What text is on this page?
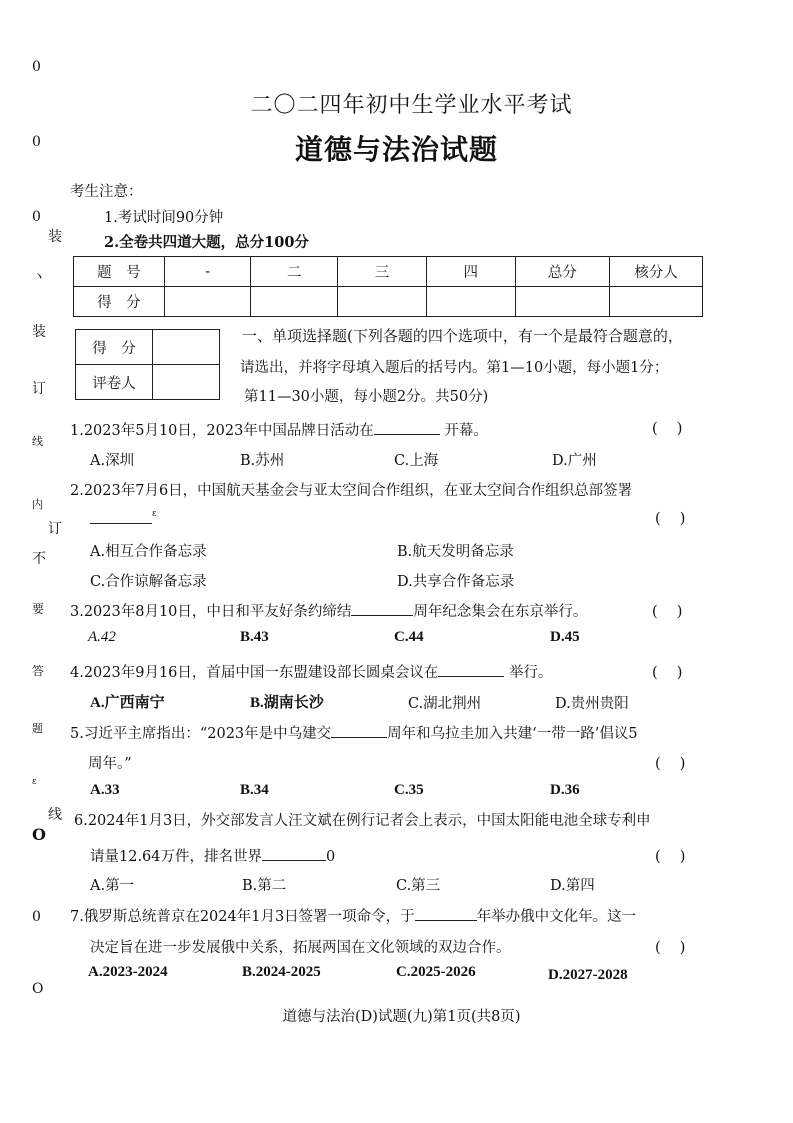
0
0
0
装
ヽ
装
订
线
内
订
不
要
答
题
ε
线
O
0
O
二〇二四年初中生学业水平考试
道德与法治试题
考生注意：
1.考试时间90分钟
2.全卷共四道大题，总分100分
题　号	-	二	三	四	总分	核分人
得　分						
得　分	
评卷人	
一、单项选择题(下列各题的四个选项中，有一个是最符合题意的，
请选出，并将字母填入题后的括号内。第1—10小题，每小题1分；
第11—30小题，每小题2分。共50分)
1.2023年5月10日，2023年中国品牌日活动在	开幕。	(　 )
A.深圳	B.苏州	C.上海	D.广州
2.2023年7月6日，中国航天基金会与亚太空间合作组织，在亚太空间合作组织总部签署
$^\varepsilon$	(　 )
A.相互合作备忘录	B.航天发明备忘录
C.合作谅解备忘录	D.共享合作备忘录
3.2023年8月10日，中日和平友好条约缔结	周年纪念集会在东京举行。	(　 )
A.42	B.43	C.44	D.45
4.2023年9月16日，首届中国一东盟建设部长圆桌会议在	举行。	(　 )
A.广西南宁	B.湖南长沙	C.湖北荆州	D.贵州贵阳
5.习近平主席指出：“2023年是中乌建交	周年和乌拉圭加入共建‘一带一路’倡议5
周年。”	(　 )
A.33	B.34	C.35	D.36
6.2024年1月3日，外交部发言人汪文斌在例行记者会上表示，中国太阳能电池全球专利申
请量12.64万件，排名世界	0	(　 )
A.第一	B.第二	C.第三	D.第四
7.俄罗斯总统普京在2024年1月3日签署一项命令，于	年举办俄中文化年。这一
决定旨在进一步发展俄中关系，拓展两国在文化领域的双边合作。	(　 )
A.2023-2024	B.2024-2025	C.2025-2026	D.2027-2028
道德与法治(D)试题(九)第1页(共8页)
